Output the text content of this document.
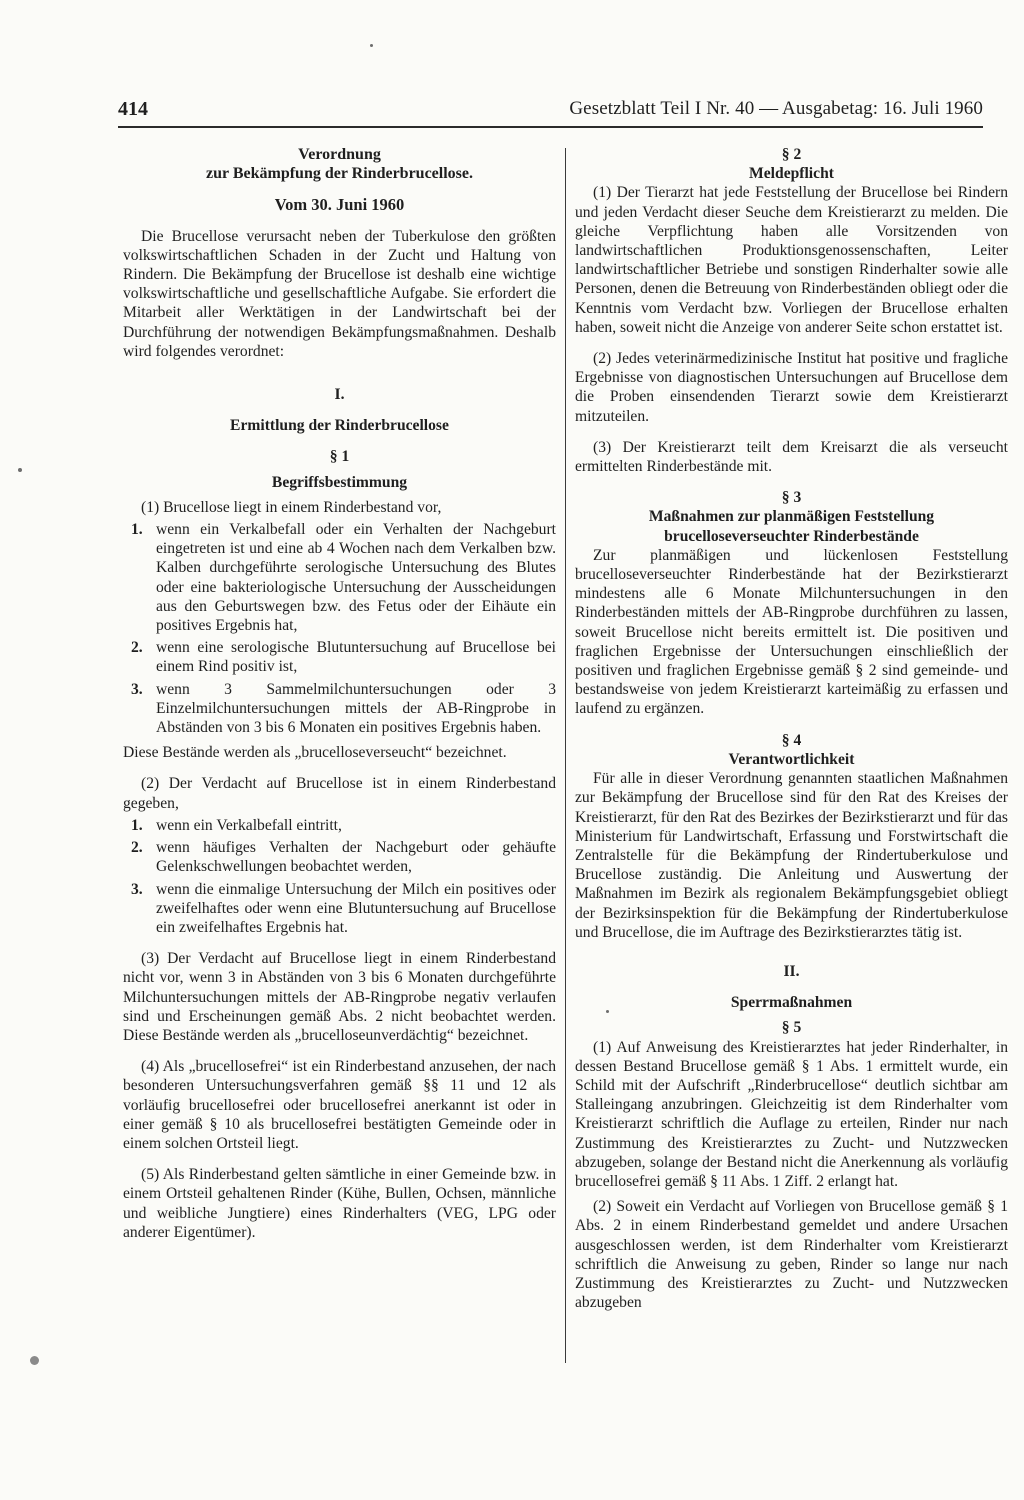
414	Gesetzblatt Teil I Nr. 40 — Ausgabetag: 16. Juli 1960

Verordnung

zur Bekämpfung der Rinderbrucellose.

Vom 30. Juni 1960

Die Brucellose verursacht neben der Tuberkulose den größten volkswirtschaftlichen Schaden in der Zucht und Haltung von Rindern. Die Bekämpfung der Brucellose ist deshalb eine wichtige volkswirtschaftliche und gesellschaftliche Aufgabe. Sie erfordert die Mitarbeit aller Werktätigen in der Landwirtschaft bei der Durchführung der notwendigen Bekämpfungsmaßnahmen. Deshalb wird folgendes verordnet:

I.

Ermittlung der Rinderbrucellose

§ 1

Begriffsbestimmung

(1) Brucellose liegt in einem Rinderbestand vor,

1. wenn ein Verkalbefall oder ein Verhalten der Nachgeburt eingetreten ist und eine ab 4 Wochen nach dem Verkalben bzw. Kalben durchgeführte serologische Untersuchung des Blutes oder eine bakteriologische Untersuchung der Ausscheidungen aus den Geburtswegen bzw. des Fetus oder der Eihäute ein positives Ergebnis hat,
2. wenn eine serologische Blutuntersuchung auf Brucellose bei einem Rind positiv ist,
3. wenn 3 Sammelmilchuntersuchungen oder 3 Einzelmilchuntersuchungen mittels der AB-Ringprobe in Abständen von 3 bis 6 Monaten ein positives Ergebnis haben.

Diese Bestände werden als „brucelloseverseucht“ bezeichnet.

(2) Der Verdacht auf Brucellose ist in einem Rinderbestand gegeben,

1. wenn ein Verkalbefall eintritt,
2. wenn häufiges Verhalten der Nachgeburt oder gehäufte Gelenkschwellungen beobachtet werden,
3. wenn die einmalige Untersuchung der Milch ein positives oder zweifelhaftes oder wenn eine Blutuntersuchung auf Brucellose ein zweifelhaftes Ergebnis hat.

(3) Der Verdacht auf Brucellose liegt in einem Rinderbestand nicht vor, wenn 3 in Abständen von 3 bis 6 Monaten durchgeführte Milchuntersuchungen mittels der AB-Ringprobe negativ verlaufen sind und Erscheinungen gemäß Abs. 2 nicht beobachtet werden. Diese Bestände werden als „brucelloseunverdächtig“ bezeichnet.

(4) Als „brucellosefrei“ ist ein Rinderbestand anzusehen, der nach besonderen Untersuchungsverfahren gemäß §§ 11 und 12 als vorläufig brucellosefrei oder brucellosefrei anerkannt ist oder in einer gemäß § 10 als brucellosefrei bestätigten Gemeinde oder in einem solchen Ortsteil liegt.

(5) Als Rinderbestand gelten sämtliche in einer Gemeinde bzw. in einem Ortsteil gehaltenen Rinder (Kühe, Bullen, Ochsen, männliche und weibliche Jungtiere) eines Rinderhalters (VEG, LPG oder anderer Eigentümer).

§ 2

Meldepflicht

(1) Der Tierarzt hat jede Feststellung der Brucellose bei Rindern und jeden Verdacht dieser Seuche dem Kreistierarzt zu melden. Die gleiche Verpflichtung haben alle Vorsitzenden von landwirtschaftlichen Produktionsgenossenschaften, Leiter landwirtschaftlicher Betriebe und sonstigen Rinderhalter sowie alle Personen, denen die Betreuung von Rinderbeständen obliegt oder die Kenntnis vom Verdacht bzw. Vorliegen der Brucellose erhalten haben, soweit nicht die Anzeige von anderer Seite schon erstattet ist.

(2) Jedes veterinärmedizinische Institut hat positive und fragliche Ergebnisse von diagnostischen Untersuchungen auf Brucellose dem die Proben einsendenden Tierarzt sowie dem Kreistierarzt mitzuteilen.

(3) Der Kreistierarzt teilt dem Kreisarzt die als verseucht ermittelten Rinderbestände mit.

§ 3

Maßnahmen zur planmäßigen Feststellung

brucelloseverseuchter Rinderbestände

Zur planmäßigen und lückenlosen Feststellung brucelloseverseuchter Rinderbestände hat der Bezirkstierarzt mindestens alle 6 Monate Milchuntersuchungen in den Rinderbeständen mittels der AB-Ringprobe durchführen zu lassen, soweit Brucellose nicht bereits ermittelt ist. Die positiven und fraglichen Ergebnisse der Untersuchungen einschließlich der positiven und fraglichen Ergebnisse gemäß § 2 sind gemeinde- und bestandsweise von jedem Kreistierarzt karteimäßig zu erfassen und laufend zu ergänzen.

§ 4

Verantwortlichkeit

Für alle in dieser Verordnung genannten staatlichen Maßnahmen zur Bekämpfung der Brucellose sind für den Rat des Kreises der Kreistierarzt, für den Rat des Bezirkes der Bezirkstierarzt und für das Ministerium für Landwirtschaft, Erfassung und Forstwirtschaft die Zentralstelle für die Bekämpfung der Rindertuberkulose und Brucellose zuständig. Die Anleitung und Auswertung der Maßnahmen im Bezirk als regionalem Bekämpfungsgebiet obliegt der Bezirksinspektion für die Bekämpfung der Rindertuberkulose und Brucellose, die im Auftrage des Bezirkstierarztes tätig ist.

II.

Sperrmaßnahmen

§ 5

(1) Auf Anweisung des Kreistierarztes hat jeder Rinderhalter, in dessen Bestand Brucellose gemäß § 1 Abs. 1 ermittelt wurde, ein Schild mit der Aufschrift „Rinderbrucellose“ deutlich sichtbar am Stalleingang anzubringen. Gleichzeitig ist dem Rinderhalter vom Kreistierarzt schriftlich die Auflage zu erteilen, Rinder nur nach Zustimmung des Kreistierarztes zu Zucht- und Nutzzwecken abzugeben, solange der Bestand nicht die Anerkennung als vorläufig brucellosefrei gemäß § 11 Abs. 1 Ziff. 2 erlangt hat.

(2) Soweit ein Verdacht auf Vorliegen von Brucellose gemäß § 1 Abs. 2 in einem Rinderbestand gemeldet und andere Ursachen ausgeschlossen werden, ist dem Rinderhalter vom Kreistierarzt schriftlich die Anweisung zu geben, Rinder so lange nur nach Zustimmung des Kreistierarztes zu Zucht- und Nutzzwecken abzugeben
